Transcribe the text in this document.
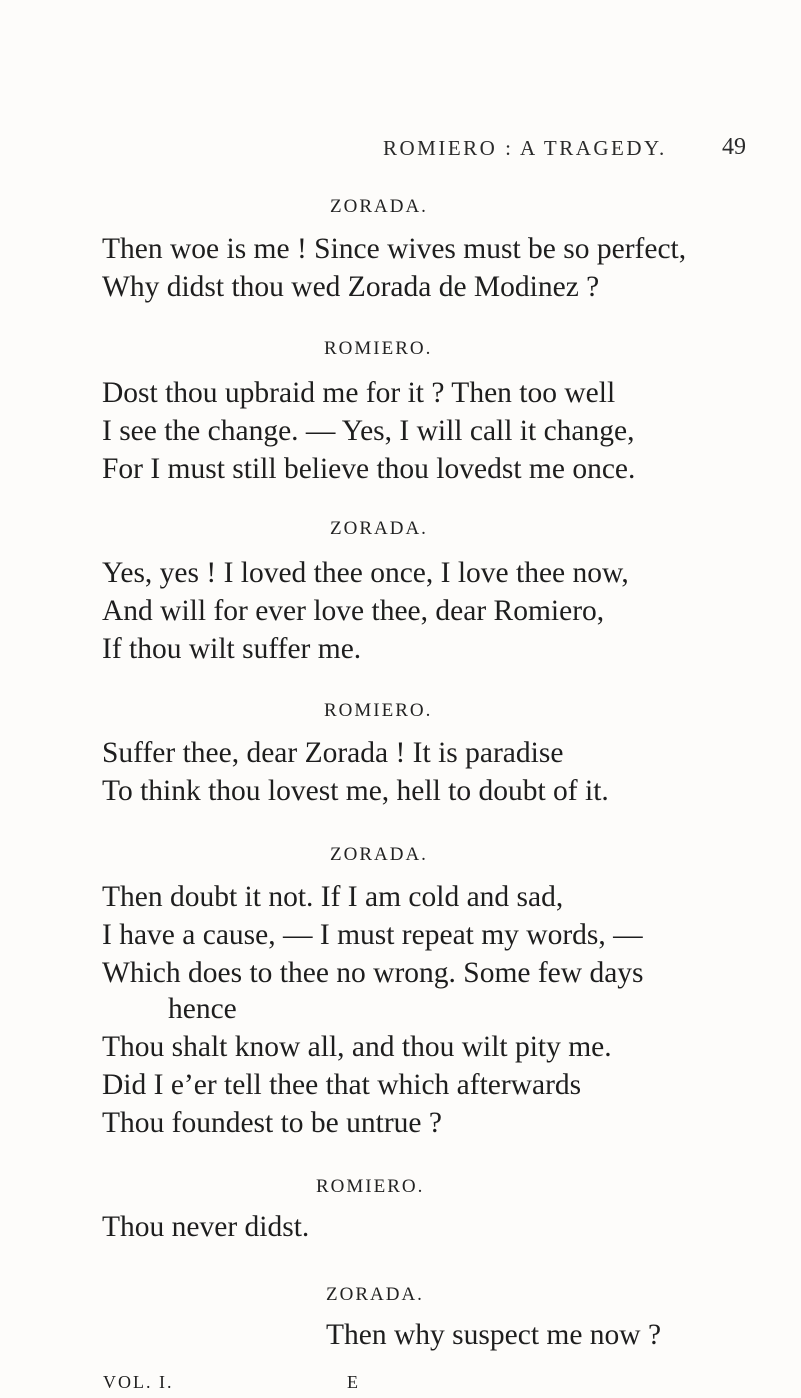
ROMIERO : A TRAGEDY. 49
ZORADA.
Then woe is me ! Since wives must be so perfect,
Why didst thou wed Zorada de Modinez ?
ROMIERO.
Dost thou upbraid me for it ? Then too well
I see the change. — Yes, I will call it change,
For I must still believe thou lovedst me once.
ZORADA.
Yes, yes ! I loved thee once, I love thee now,
And will for ever love thee, dear Romiero,
If thou wilt suffer me.
ROMIERO.
Suffer thee, dear Zorada ! It is paradise
To think thou lovest me, hell to doubt of it.
ZORADA.
Then doubt it not. If I am cold and sad,
I have a cause, — I must repeat my words, —
Which does to thee no wrong. Some few days
hence
Thou shalt know all, and thou wilt pity me.
Did I e’er tell thee that which afterwards
Thou foundest to be untrue ?
ROMIERO.
Thou never didst.
ZORADA.
Then why suspect me now ?
VOL. I.	E
